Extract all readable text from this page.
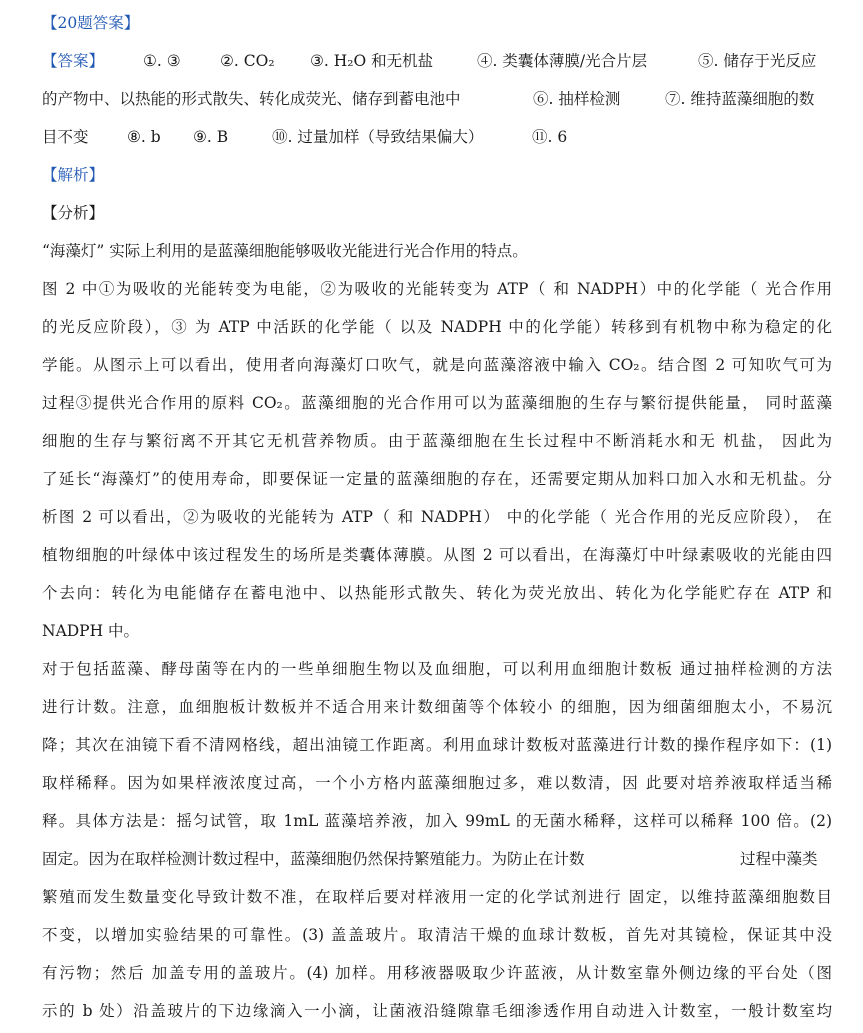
【20题答案】
【答案】	①. ③	②. CO₂ ③. H₂O 和无机盐	④. 类囊体薄膜/光合片层	⑤. 储存于光反应
的产物中、以热能的形式散失、转化成荧光、储存到蓄电池中	⑥. 抽样检测	⑦. 维持蓝藻细胞的数
目不变 ⑧. b ⑨. B	⑩. 过量加样（导致结果偏大）	⑪. 6
【解析】
【分析】
“海藻灯” 实际上利用的是蓝藻细胞能够吸收光能进行光合作用的特点。
图 2 中①为吸收的光能转变为电能，②为吸收的光能转变为 ATP（ 和 NADPH）中的化学能（ 光合作用
的光反应阶段），③ 为 ATP 中活跃的化学能（ 以及 NADPH 中的化学能）转移到有机物中称为稳定的化
学能。从图示上可以看出，使用者向海藻灯口吹气，就是向蓝藻溶液中输入 CO₂。结合图 2 可知吹气可为
过程③提供光合作用的原料 CO₂。蓝藻细胞的光合作用可以为蓝藻细胞的生存与繁衍提供能量， 同时蓝藻
细胞的生存与繁衍离不开其它无机营养物质。由于蓝藻细胞在生长过程中不断消耗水和无 机盐， 因此为
了延长“海藻灯”的使用寿命，即要保证一定量的蓝藻细胞的存在，还需要定期从加料口加入水和无机盐。分
析图 2 可以看出，②为吸收的光能转为 ATP（ 和 NADPH） 中的化学能（ 光合作用的光反应阶段）， 在
植物细胞的叶绿体中该过程发生的场所是类囊体薄膜。从图 2 可以看出，在海藻灯中叶绿素吸收的光能由四
个去向：转化为电能储存在蓄电池中、以热能形式散失、转化为荧光放出、转化为化学能贮存在 ATP 和
NADPH 中。
对于包括蓝藻、酵母菌等在内的一些单细胞生物以及血细胞，可以利用血细胞计数板 通过抽样检测的方法
进行计数。注意，血细胞板计数板并不适合用来计数细菌等个体较小 的细胞，因为细菌细胞太小，不易沉
降；其次在油镜下看不清网格线，超出油镜工作距离。利用血球计数板对蓝藻进行计数的操作程序如下：(1)
取样稀释。因为如果样液浓度过高，一个小方格内蓝藻细胞过多，难以数清，因 此要对培养液取样适当稀
释。具体方法是：摇匀试管，取 1mL 蓝藻培养液，加入 99mL 的无菌水稀释，这样可以稀释 100 倍。(2)
固定。因为在取样检测计数过程中，蓝藻细胞仍然保持繁殖能力。为防止在计数	过程中藻类
繁殖而发生数量变化导致计数不准，在取样后要对样液用一定的化学试剂进行 固定，以维持蓝藻细胞数目
不变，以增加实验结果的可靠性。(3) 盖盖玻片。取清洁干燥的血球计数板，首先对其镜检，保证其中没
有污物；然后 加盖专用的盖玻片。(4) 加样。用移液器吸取少许蓝液，从计数室靠外侧边缘的平台处（图
示的 b 处）沿盖玻片的下边缘滴入一小滴，让菌液沿缝隙靠毛细渗透作用自动进入计数室，一般计数室均
